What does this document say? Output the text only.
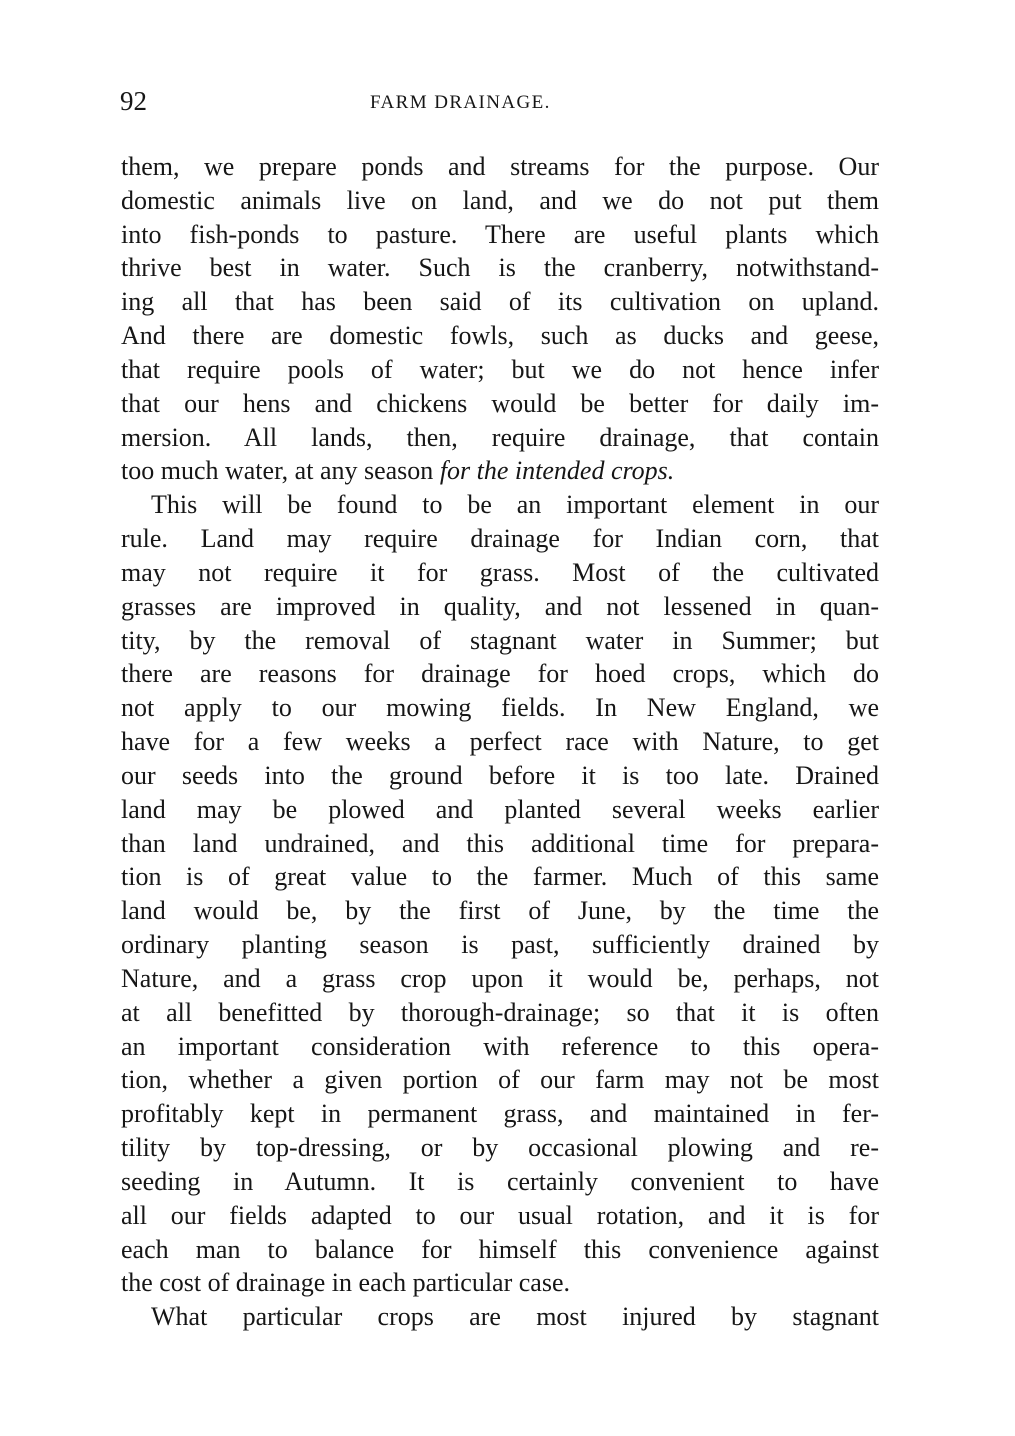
92	FARM DRAINAGE.
them, we prepare ponds and streams for the purpose. Our
domestic animals live on land, and we do not put them
into fish-ponds to pasture. There are useful plants which
thrive best in water. Such is the cranberry, notwithstand-
ing all that has been said of its cultivation on upland.
And there are domestic fowls, such as ducks and geese,
that require pools of water; but we do not hence infer
that our hens and chickens would be better for daily im-
mersion. All lands, then, require drainage, that contain
too much water, at any season for the intended crops.
This will be found to be an important element in our
rule. Land may require drainage for Indian corn, that
may not require it for grass. Most of the cultivated
grasses are improved in quality, and not lessened in quan-
tity, by the removal of stagnant water in Summer; but
there are reasons for drainage for hoed crops, which do
not apply to our mowing fields. In New England, we
have for a few weeks a perfect race with Nature, to get
our seeds into the ground before it is too late. Drained
land may be plowed and planted several weeks earlier
than land undrained, and this additional time for prepara-
tion is of great value to the farmer. Much of this same
land would be, by the first of June, by the time the
ordinary planting season is past, sufficiently drained by
Nature, and a grass crop upon it would be, perhaps, not
at all benefitted by thorough-drainage; so that it is often
an important consideration with reference to this opera-
tion, whether a given portion of our farm may not be most
profitably kept in permanent grass, and maintained in fer-
tility by top-dressing, or by occasional plowing and re-
seeding in Autumn. It is certainly convenient to have
all our fields adapted to our usual rotation, and it is for
each man to balance for himself this convenience against
the cost of drainage in each particular case.
What particular crops are most injured by stagnant
